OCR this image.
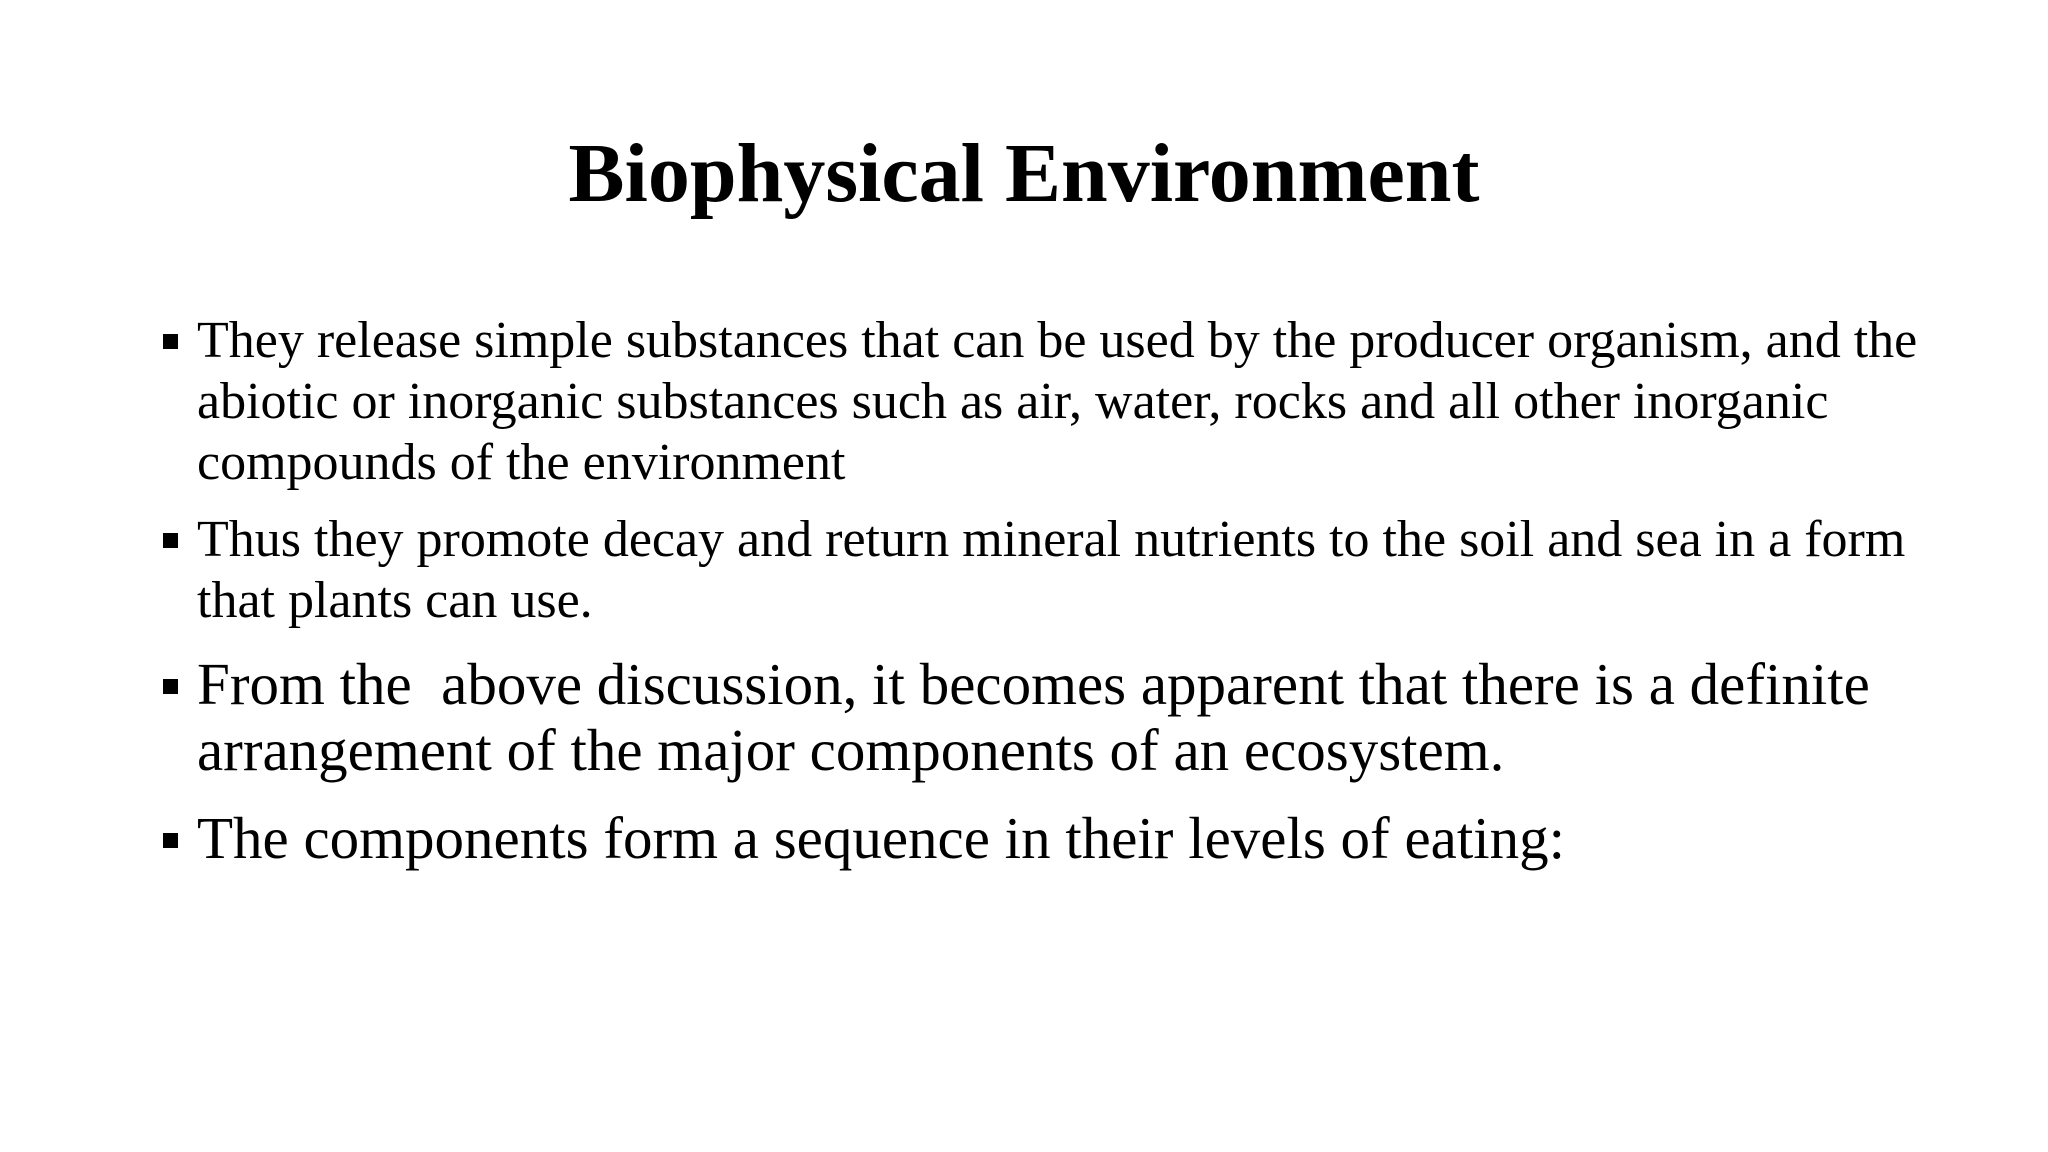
Biophysical Environment
They release simple substances that can be used by the producer organism, and the abiotic or inorganic substances such as air, water, rocks and all other inorganic compounds of the environment
Thus they promote decay and return mineral nutrients to the soil and sea in a form that plants can use.
From the  above discussion, it becomes apparent that there is a definite arrangement of the major components of an ecosystem.
The components form a sequence in their levels of eating:
